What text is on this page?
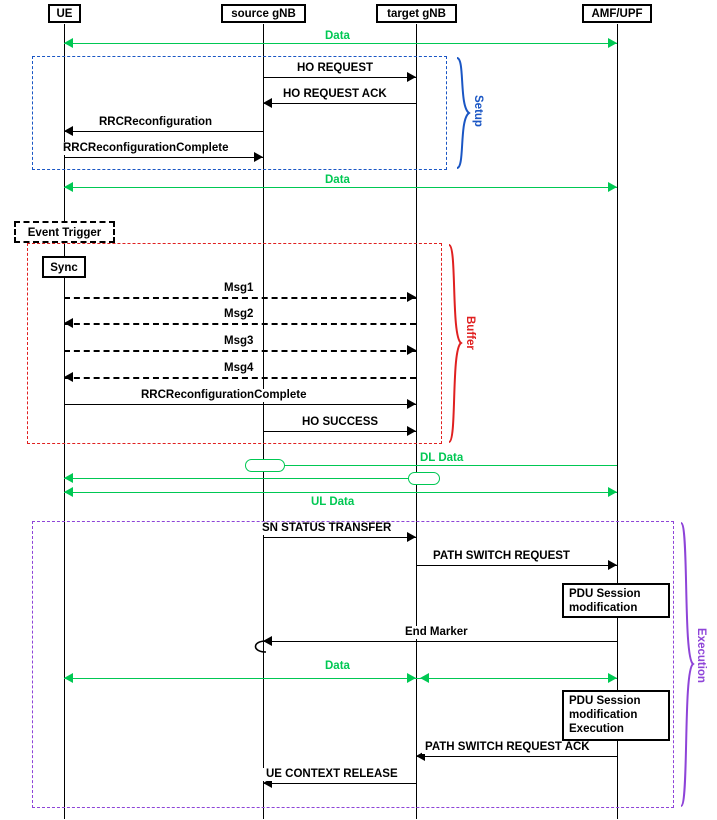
UE	source gNB	target gNB	AMF/UPF
Setup
Buffer
Execution
Data
HO REQUEST
HO REQUEST ACK
RRCReconfiguration
RRCReconfigurationComplete
Data
Event Trigger
Sync
Msg1
Msg2
Msg3
Msg4
RRCReconfigurationComplete
HO SUCCESS
DL Data
UL Data
SN STATUS TRANSFER
PATH SWITCH REQUEST
PDU Session
modification
End Marker
Data
PDU Session
modification
Execution
PATH SWITCH REQUEST ACK
UE CONTEXT RELEASE
